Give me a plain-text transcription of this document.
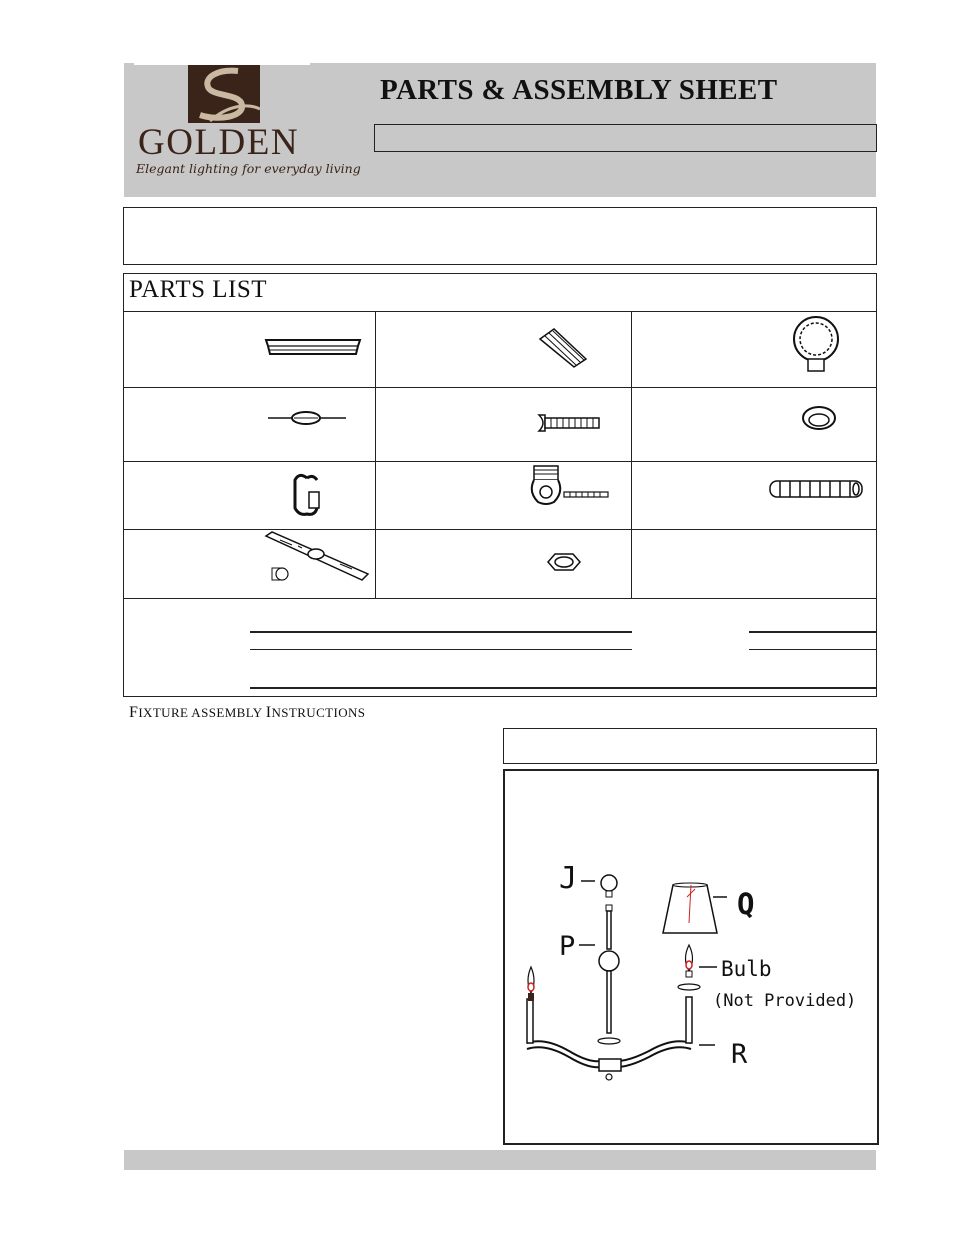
GOLDEN
Elegant lighting for everyday living
PARTS & ASSEMBLY SHEET
PARTS LIST
FIXTURE ASSEMBLY INSTRUCTIONS
J
P
Q
Bulb
(Not Provided)
R
